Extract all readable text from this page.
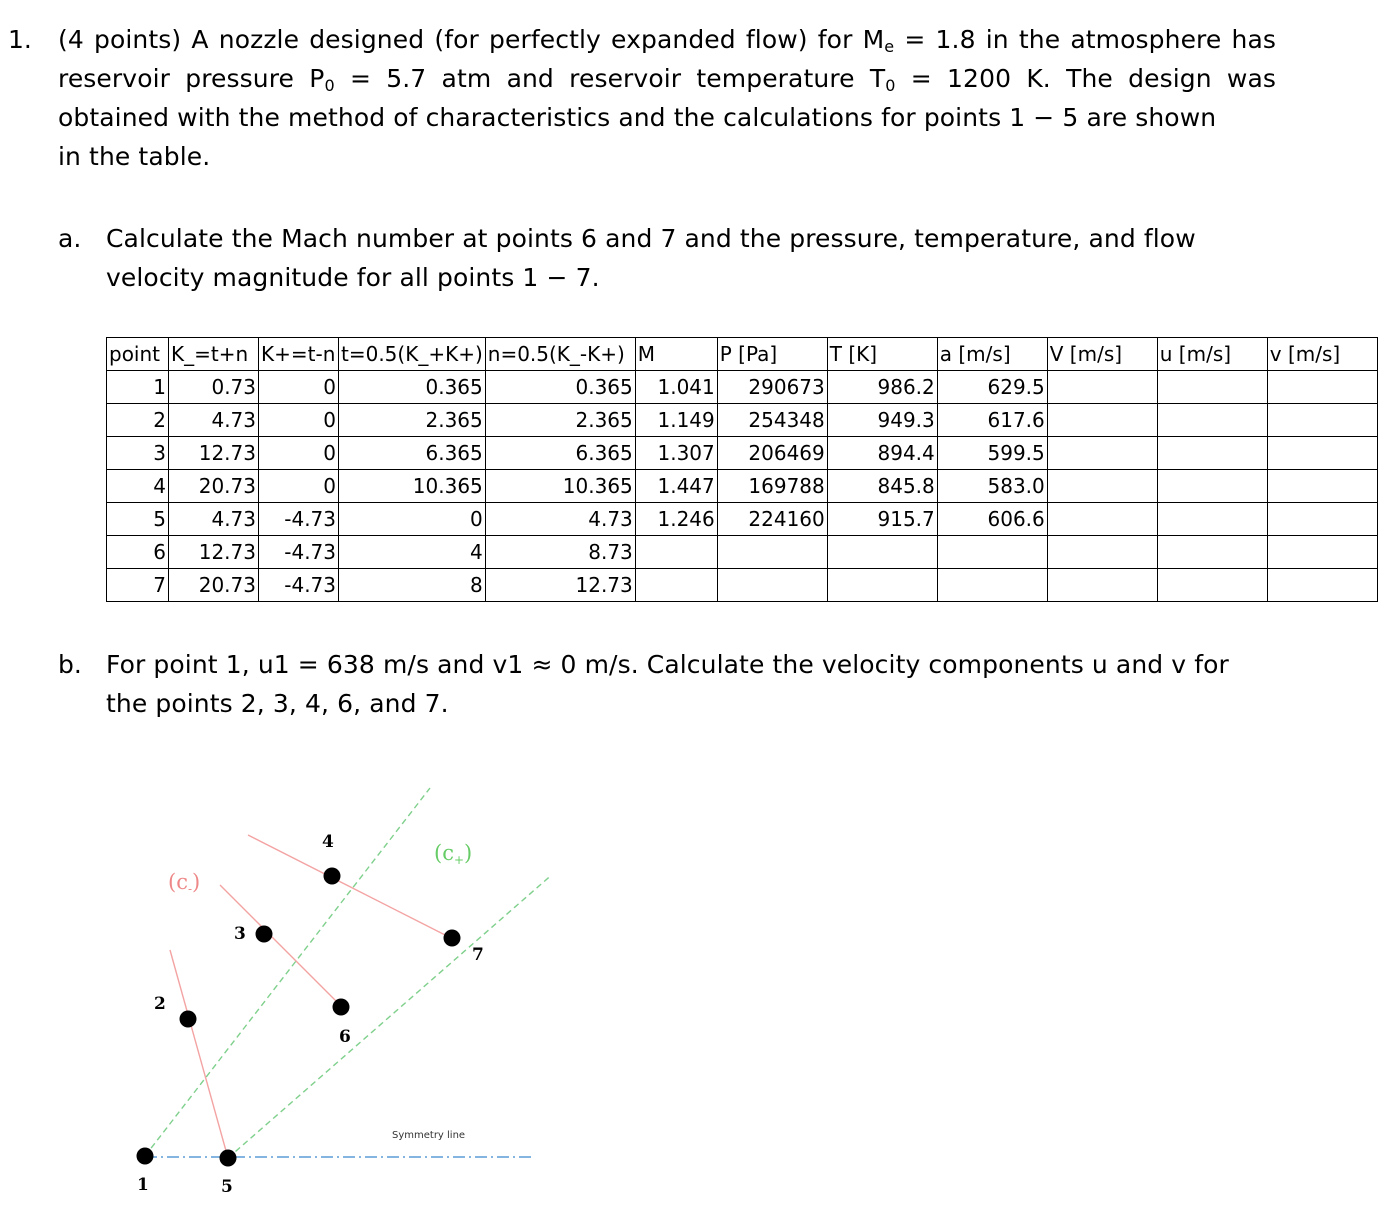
1. (4 points) A nozzle designed (for perfectly expanded flow) for $M_e = 1.8$ in the atmosphere has reservoir pressure $P_0 = 5.7$ atm and reservoir temperature $T_0 = 1200$ K. The design was obtained with the method of characteristics and the calculations for points 1 − 5 are shown
in the table.
a. Calculate the Mach number at points 6 and 7 and the pressure, temperature, and flow
velocity magnitude for all points 1 − 7.
point	K_=t+n	K+=t-n	t=0.5(K_+K+)	n=0.5(K_-K+)	M	P [Pa]	T [K]	a [m/s]	V [m/s]	u [m/s]	v [m/s]
1	0.73	0	0.365	0.365	1.041	290673	986.2	629.5			
2	4.73	0	2.365	2.365	1.149	254348	949.3	617.6			
3	12.73	0	6.365	6.365	1.307	206469	894.4	599.5			
4	20.73	0	10.365	10.365	1.447	169788	845.8	583.0			
5	4.73	-4.73	0	4.73	1.246	224160	915.7	606.6			
6	12.73	-4.73	4	8.73							
7	20.73	-4.73	8	12.73							
b. For point 1, u1 = 638 m/s and v1 ≈ 0 m/s. Calculate the velocity components u and v for
the points 2, 3, 4, 6, and 7.
1
2
3
4
5
6
7
(c-)
(c+)
Symmetry line
